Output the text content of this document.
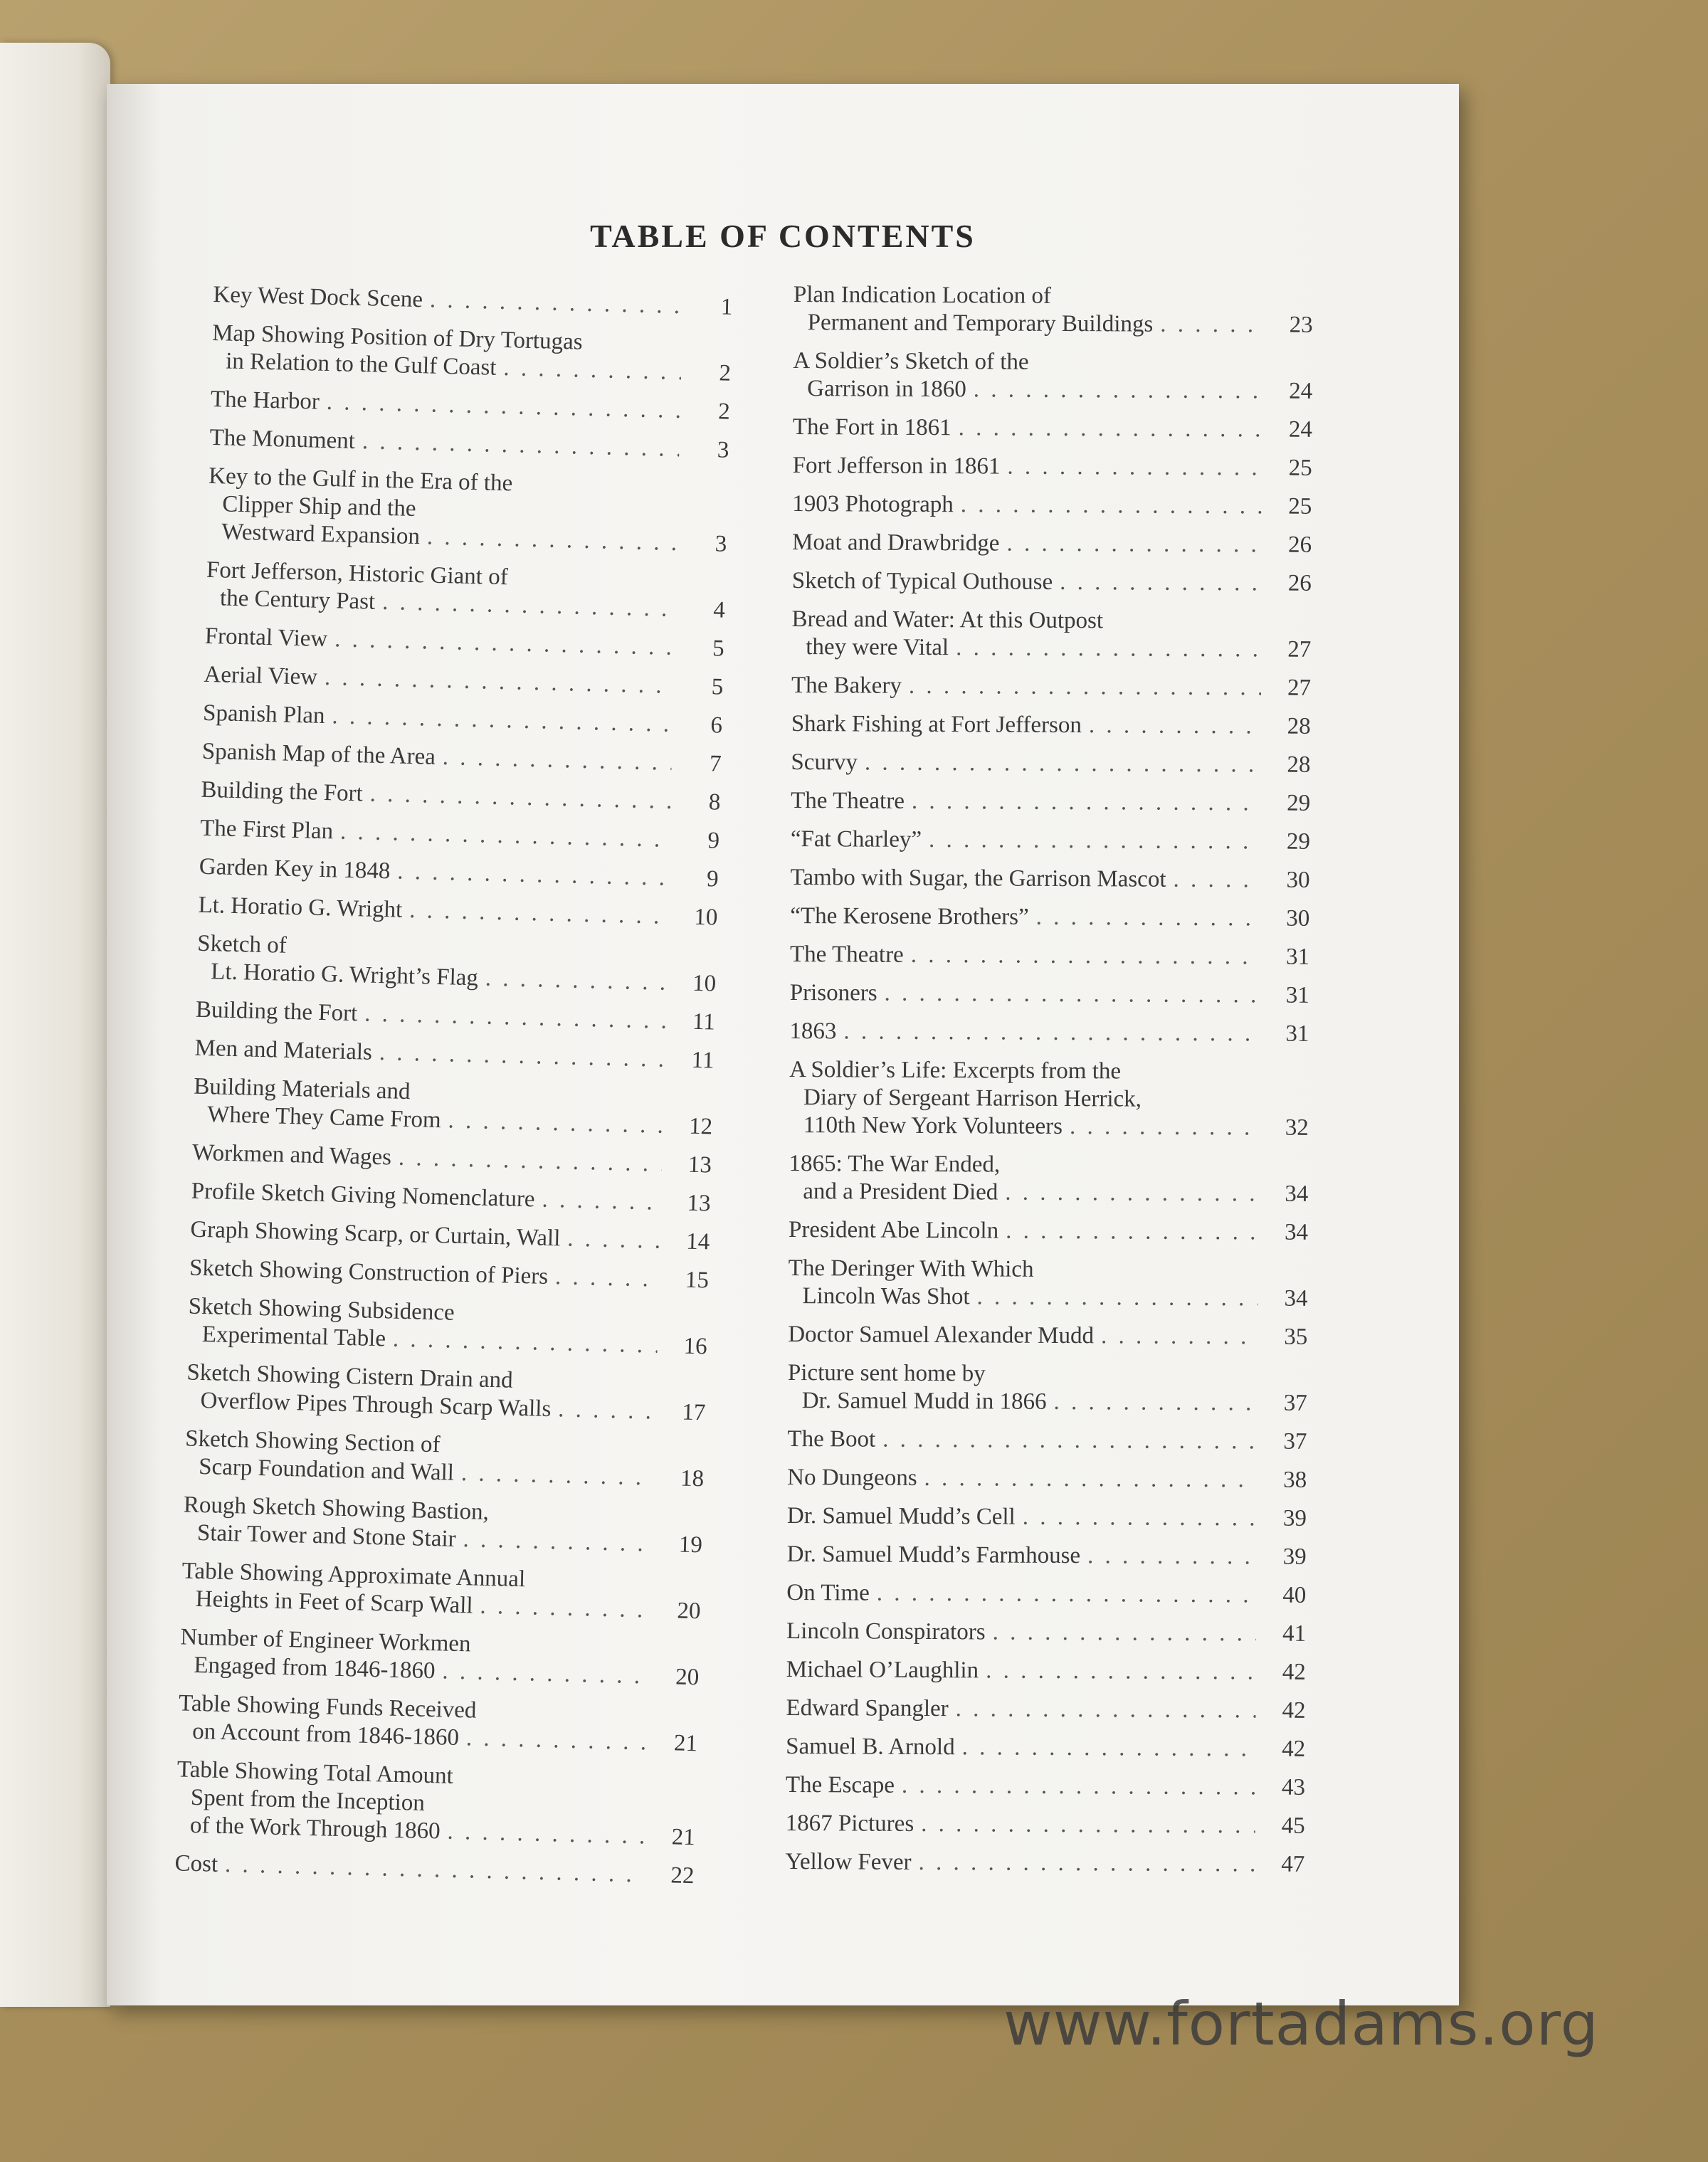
TABLE OF CONTENTS
Key West Dock Scene . . .	1
Map Showing Position of Dry Tortugas
in Relation to the Gulf Coast . . .	2
The Harbor . . .	2
The Monument . . .	3
Key to the Gulf in the Era of the
Clipper Ship and the
Westward Expansion . . .	3
Fort Jefferson, Historic Giant of
the Century Past . . .	4
Frontal View . . .	5
Aerial View . . .	5
Spanish Plan . . .	6
Spanish Map of the Area . . .	7
Building the Fort . . .	8
The First Plan . . .	9
Garden Key in 1848 . . .	9
Lt. Horatio G. Wright . . .	10
Sketch of
Lt. Horatio G. Wright’s Flag . . .	10
Building the Fort . . .	11
Men and Materials . . .	11
Building Materials and
Where They Came From . . .	12
Workmen and Wages . . .	13
Profile Sketch Giving Nomenclature . . .	13
Graph Showing Scarp, or Curtain, Wall . . .	14
Sketch Showing Construction of Piers . . .	15
Sketch Showing Subsidence
Experimental Table . . .	16
Sketch Showing Cistern Drain and
Overflow Pipes Through Scarp Walls . . .	17
Sketch Showing Section of
Scarp Foundation and Wall . . .	18
Rough Sketch Showing Bastion,
Stair Tower and Stone Stair . . .	19
Table Showing Approximate Annual
Heights in Feet of Scarp Wall . . .	20
Number of Engineer Workmen
Engaged from 1846-1860 . . .	20
Table Showing Funds Received
on Account from 1846-1860 . . .	21
Table Showing Total Amount
Spent from the Inception
of the Work Through 1860 . . .	21
Cost . . .	22
Plan Indication Location of
Permanent and Temporary Buildings . . .	23
A Soldier’s Sketch of the
Garrison in 1860 . . .	24
The Fort in 1861 . . .	24
Fort Jefferson in 1861 . . .	25
1903 Photograph . . .	25
Moat and Drawbridge . . .	26
Sketch of Typical Outhouse . . .	26
Bread and Water: At this Outpost
they were Vital . . .	27
The Bakery . . .	27
Shark Fishing at Fort Jefferson . . .	28
Scurvy . . .	28
The Theatre . . .	29
“Fat Charley” . . .	29
Tambo with Sugar, the Garrison Mascot . . .	30
“The Kerosene Brothers” . . .	30
The Theatre . . .	31
Prisoners . . .	31
1863 . . .	31
A Soldier’s Life: Excerpts from the
Diary of Sergeant Harrison Herrick,
110th New York Volunteers . . .	32
1865: The War Ended,
and a President Died . . .	34
President Abe Lincoln . . .	34
The Deringer With Which
Lincoln Was Shot . . .	34
Doctor Samuel Alexander Mudd . . .	35
Picture sent home by
Dr. Samuel Mudd in 1866 . . .	37
The Boot . . .	37
No Dungeons . . .	38
Dr. Samuel Mudd’s Cell . . .	39
Dr. Samuel Mudd’s Farmhouse . . .	39
On Time . . .	40
Lincoln Conspirators . . .	41
Michael O’Laughlin . . .	42
Edward Spangler . . .	42
Samuel B. Arnold . . .	42
The Escape . . .	43
1867 Pictures . . .	45
Yellow Fever . . .	47
www.fortadams.org
